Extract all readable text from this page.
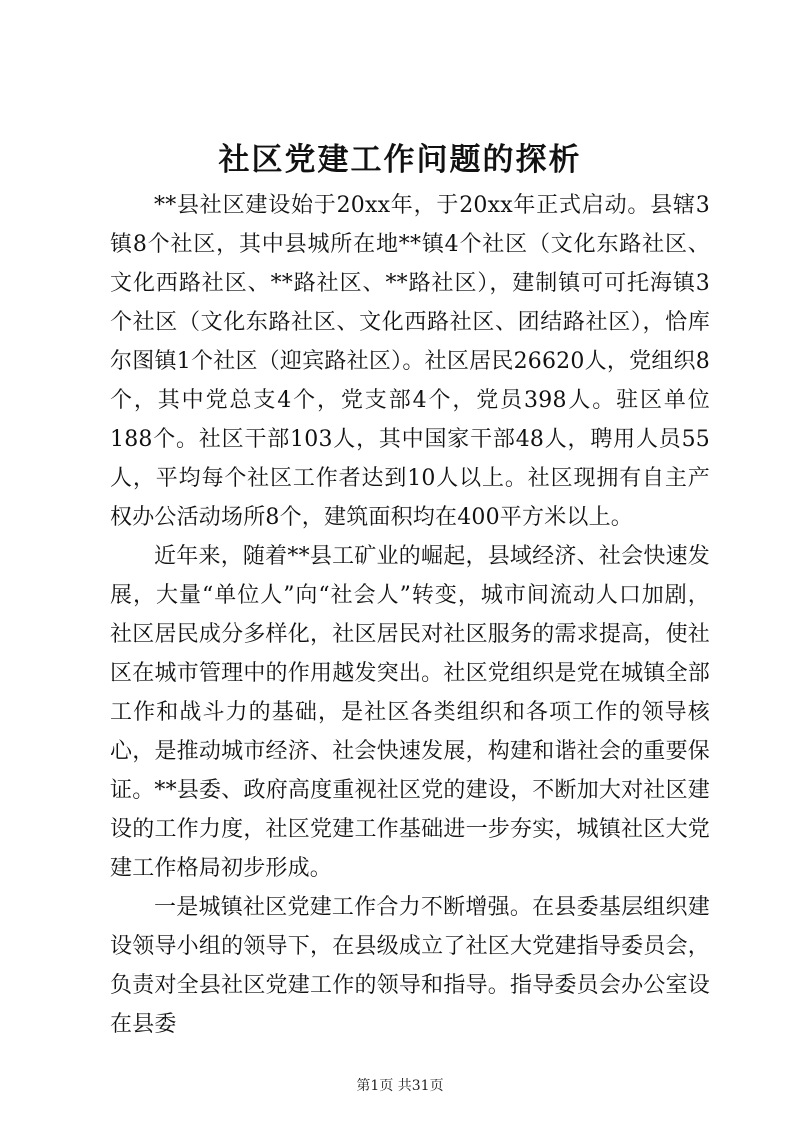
社区党建工作问题的探析

**县社区建设始于20xx年，于20xx年正式启动。县辖3镇8个社区，其中县城所在地**镇4个社区（文化东路社区、文化西路社区、**路社区、**路社区），建制镇可可托海镇3个社区（文化东路社区、文化西路社区、团结路社区），恰库尔图镇1个社区（迎宾路社区）。社区居民26620人，党组织8个，其中党总支4个，党支部4个，党员398人。驻区单位188个。社区干部103人，其中国家干部48人，聘用人员55人，平均每个社区工作者达到10人以上。社区现拥有自主产权办公活动场所8个，建筑面积均在400平方米以上。

近年来，随着**县工矿业的崛起，县域经济、社会快速发展，大量“单位人”向“社会人”转变，城市间流动人口加剧，社区居民成分多样化，社区居民对社区服务的需求提高，使社区在城市管理中的作用越发突出。社区党组织是党在城镇全部工作和战斗力的基础，是社区各类组织和各项工作的领导核心，是推动城市经济、社会快速发展，构建和谐社会的重要保证。**县委、政府高度重视社区党的建设，不断加大对社区建设的工作力度，社区党建工作基础进一步夯实，城镇社区大党建工作格局初步形成。

一是城镇社区党建工作合力不断增强。在县委基层组织建设领导小组的领导下，在县级成立了社区大党建指导委员会，负责对全县社区党建工作的领导和指导。指导委员会办公室设在县委

第1页 共31页
